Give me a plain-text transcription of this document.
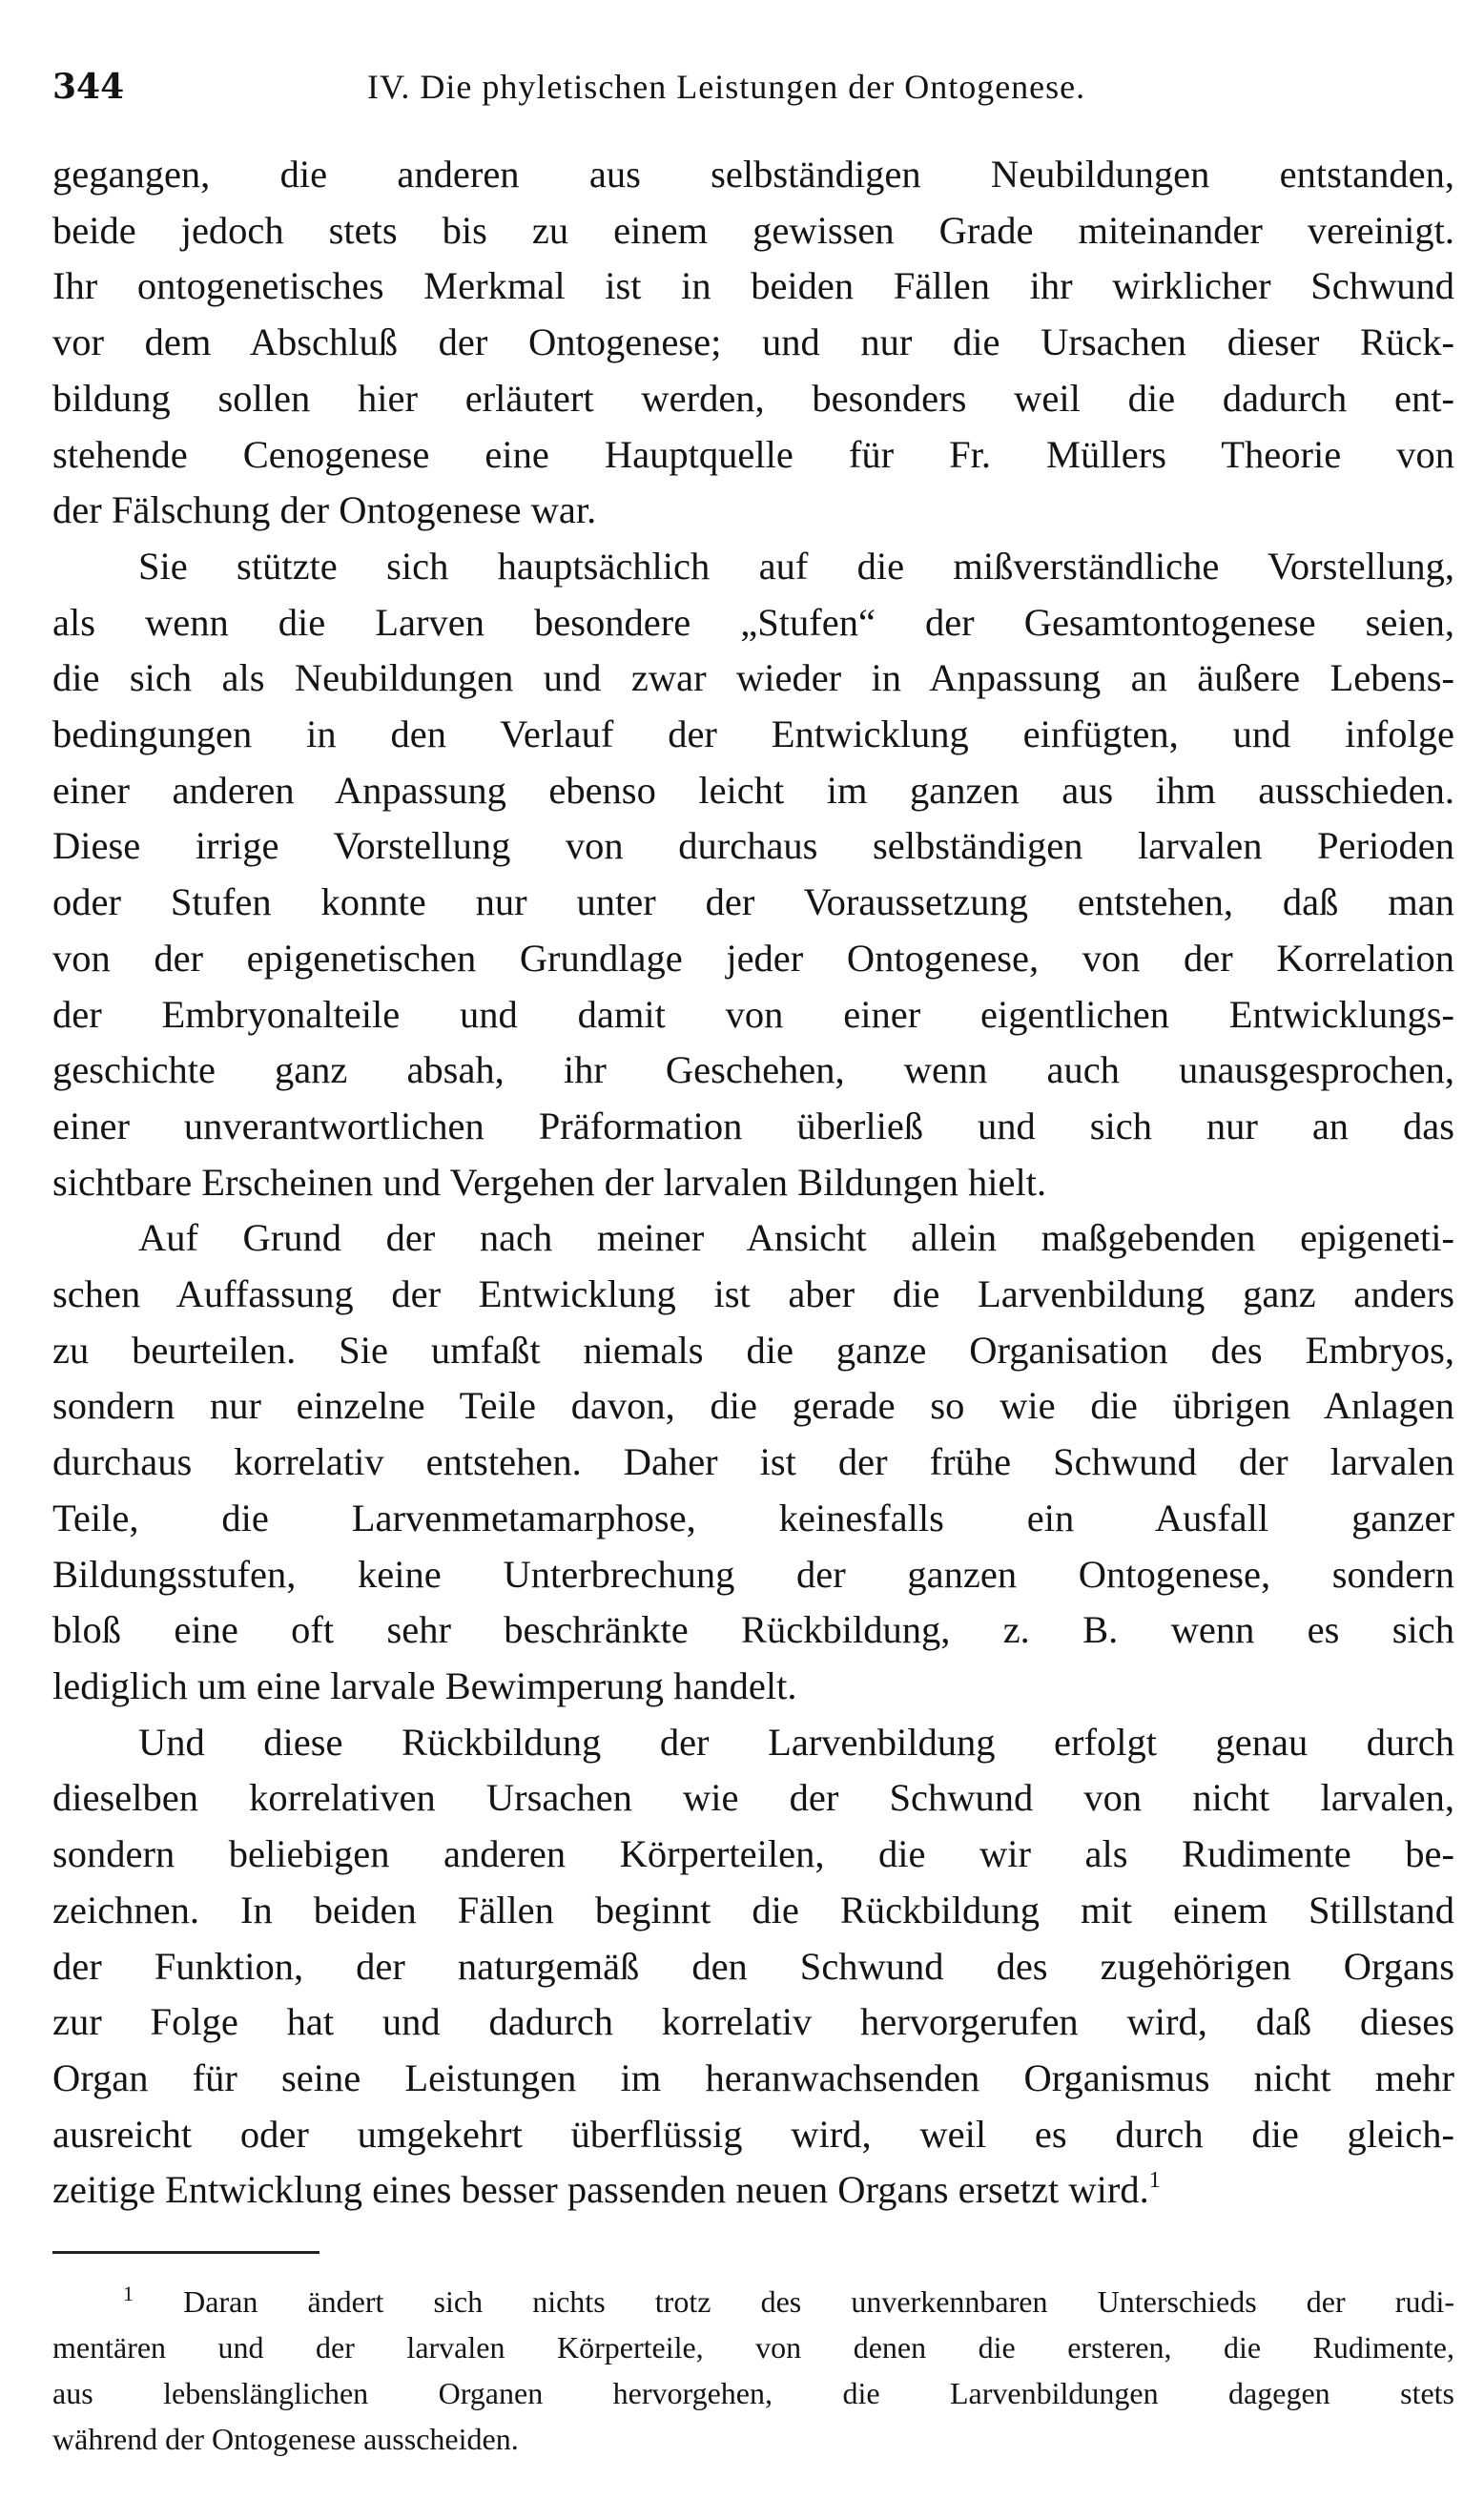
344	IV. Die phyletischen Leistungen der Ontogenese.

gegangen, die anderen aus selbständigen Neubildungen entstanden,
beide jedoch stets bis zu einem gewissen Grade miteinander vereinigt.
Ihr ontogenetisches Merkmal ist in beiden Fällen ihr wirklicher Schwund
vor dem Abschluß der Ontogenese; und nur die Ursachen dieser Rück-
bildung sollen hier erläutert werden, besonders weil die dadurch ent-
stehende Cenogenese eine Hauptquelle für Fr. Müllers Theorie von
der Fälschung der Ontogenese war.

Sie stützte sich hauptsächlich auf die mißverständliche Vorstellung,
als wenn die Larven besondere „Stufen“ der Gesamtontogenese seien,
die sich als Neubildungen und zwar wieder in Anpassung an äußere Lebens-
bedingungen in den Verlauf der Entwicklung einfügten, und infolge
einer anderen Anpassung ebenso leicht im ganzen aus ihm ausschieden.
Diese irrige Vorstellung von durchaus selbständigen larvalen Perioden
oder Stufen konnte nur unter der Voraussetzung entstehen, daß man
von der epigenetischen Grundlage jeder Ontogenese, von der Korrelation
der Embryonalteile und damit von einer eigentlichen Entwicklungs-
geschichte ganz absah, ihr Geschehen, wenn auch unausgesprochen,
einer unverantwortlichen Präformation überließ und sich nur an das
sichtbare Erscheinen und Vergehen der larvalen Bildungen hielt.

Auf Grund der nach meiner Ansicht allein maßgebenden epigeneti-
schen Auffassung der Entwicklung ist aber die Larvenbildung ganz anders
zu beurteilen. Sie umfaßt niemals die ganze Organisation des Embryos,
sondern nur einzelne Teile davon, die gerade so wie die übrigen Anlagen
durchaus korrelativ entstehen. Daher ist der frühe Schwund der larvalen
Teile, die Larvenmetamarphose, keinesfalls ein Ausfall ganzer
Bildungsstufen, keine Unterbrechung der ganzen Ontogenese, sondern
bloß eine oft sehr beschränkte Rückbildung, z. B. wenn es sich
lediglich um eine larvale Bewimperung handelt.

Und diese Rückbildung der Larvenbildung erfolgt genau durch
dieselben korrelativen Ursachen wie der Schwund von nicht larvalen,
sondern beliebigen anderen Körperteilen, die wir als Rudimente be-
zeichnen. In beiden Fällen beginnt die Rückbildung mit einem Stillstand
der Funktion, der naturgemäß den Schwund des zugehörigen Organs
zur Folge hat und dadurch korrelativ hervorgerufen wird, daß dieses
Organ für seine Leistungen im heranwachsenden Organismus nicht mehr
ausreicht oder umgekehrt überflüssig wird, weil es durch die gleich-
zeitige Entwicklung eines besser passenden neuen Organs ersetzt wird.$^1$

$^1$ Daran ändert sich nichts trotz des unverkennbaren Unterschieds der rudi-
mentären und der larvalen Körperteile, von denen die ersteren, die Rudimente,
aus lebenslänglichen Organen hervorgehen, die Larvenbildungen dagegen stets
während der Ontogenese ausscheiden.
